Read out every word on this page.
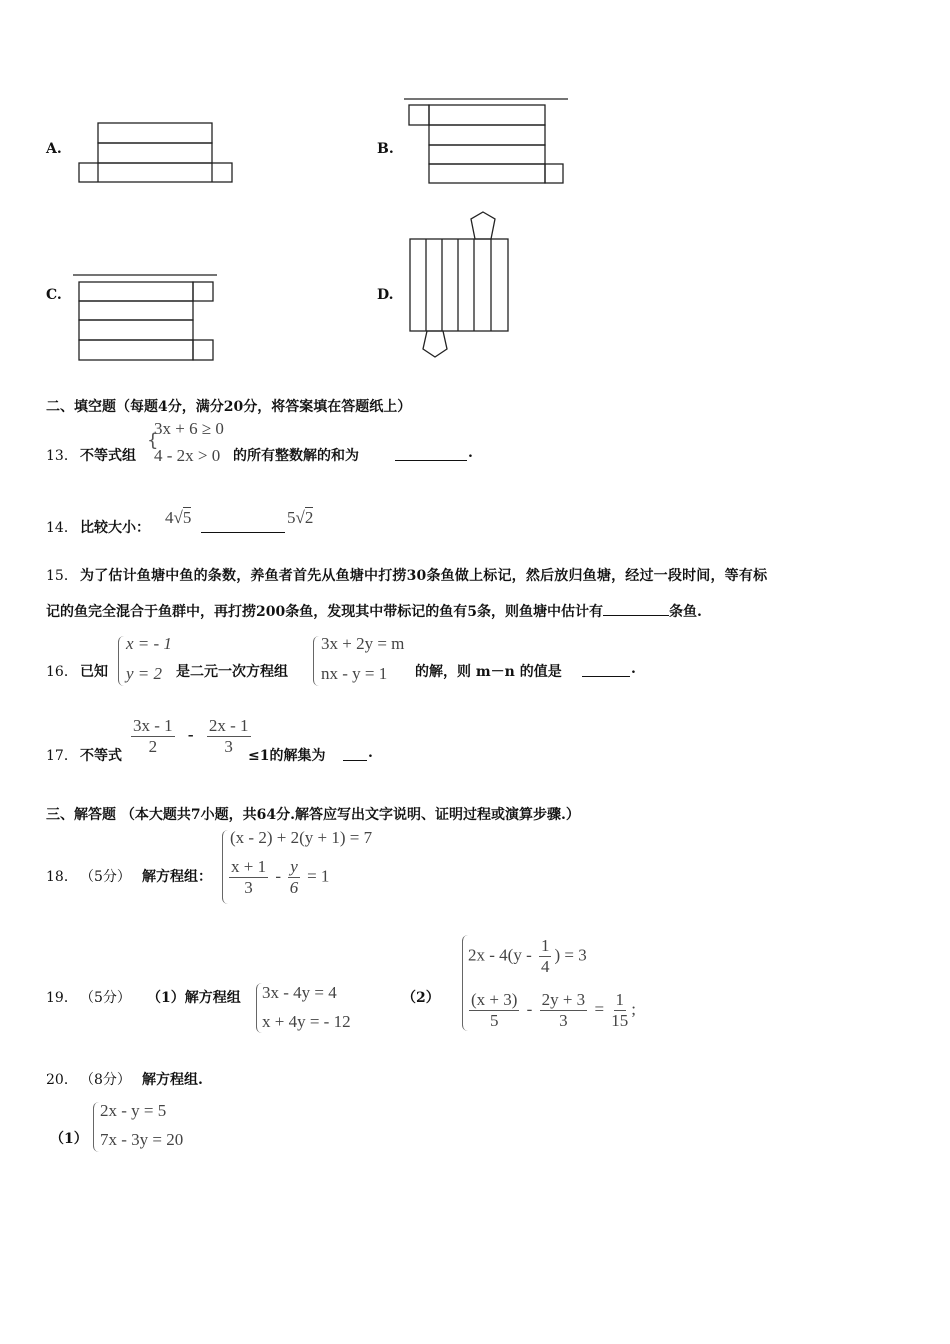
A.	B.
C.	D.
二、填空题（每题4分，满分20分，将答案填在答题纸上）
13． 不等式组
{
3x + 6 ≥ 0
4 - 2x > 0 的所有整数解的和为	.
14． 比较大小：
4√5	5√2
15． 为了估计鱼塘中鱼的条数，养鱼者首先从鱼塘中打捞30条鱼做上标记，然后放归鱼塘，经过一段时间，等有标
记的鱼完全混合于鱼群中，再打捞200条鱼，发现其中带标记的鱼有5条，则鱼塘中估计有	条鱼.
16． 已知
x = - 1
y = 2 是二元一次方程组
3x + 2y = m
nx - y = 1 的解，则 m－n 的值是	.
17． 不等式 $\frac{3x - 1}{2} - \frac{2x - 1}{3}$
≤1的解集为	.
三、解答题 （本大题共7小题，共64分.解答应写出文字说明、证明过程或演算步骤.）
18． （5分） 解方程组：
(x - 2) + 2(y + 1) = 7
$\frac{x + 1}{3} - \frac{y}{6} = 1$
19． （5分） （1）解方程组 3x - 4y = 4
x + 4y = - 12
（2）
$2x - 4(y - \frac{1}{4}$ ) = 3
$\frac{(x + 3)}{5} - \frac{2y + 3}{3} = \frac{1}{15}$ ;
20． （8分） 解方程组.
（1）
2x - y = 5
7x - 3y = 20
